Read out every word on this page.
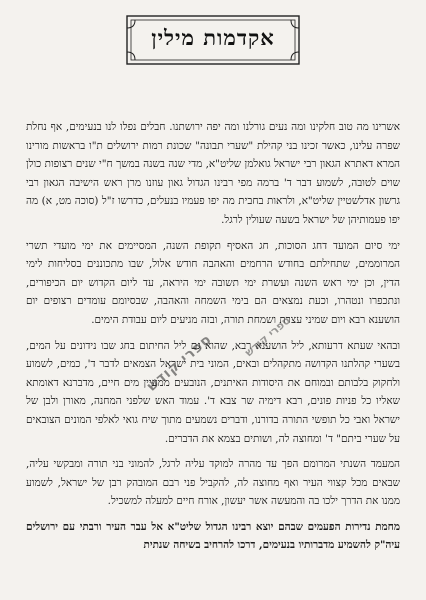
אקדמות מילין

אשרינו מה טוב חלקינו ומה נעים גורלנו ומה יפה ירושתנו. חבלים נפלו לנו בנעימים, אף נחלת שפרה עלינו, כאשר זכינו בני קהילת "שערי תבונה" שכונת רמות ירושלים ת"ו בראשות מורינו המרא דאתרא הגאון רבי ישראל גואלמן שליט"א, מדי שנה בשנה במשך ח"י שנים רצופות כולן שוים לטובה, לשמוע דבר ד' ברמה מפי רבינו הגדול גאון עוזנו מרן ראש הישיבה הגאון רבי גרשון אדלשטיין שליט"א, ולראות בחבית מה יפו פעמיו בנעלים, כדרשו ז"ל (סוכה מט, א) מה יפו פעמותיהן של ישראל בשעה שעולין לרגל.

ימי סיום המועד דחג הסוכות, חג האסיף תקופת השנה, המסיימים את ימי מועדי תשרי המרוממים, שתחילתם בחודש הרחמים והאהבה חודש אלול, שבו מתכוננים בסליחות לימי הדין, וכן ימי ראש השנה ועשרת ימי תשובה ימי היראה, עד ליום הקדוש יום הכיפורים, ונתכפרו ונטהרו, וכעת נמצאים הם בימי השמחה והאהבה, שבסיומם עומדים רצופים יום הושענא רבא ויום שמיני עצרת ושמחת תורה, ובזה מגיעים ליום עבודת הימים.

ובהאי שעתא דרעותא, ליל הושענא רבא, שהוא גם ליל החיתום בחג שבו נידונים על המים, בשערי קהלתנו הקדושה מתקהלים ובאים, המוני בית ישראל הצמאים לדבר ד', כמים, לשמוע ולחקוק בלבותם ובמוחם את היסודות האיתנים, הנובעים ממעיין מים חיים, מדברנא דאומתא שאליו כל פניות פונים, רבא דימיה שר צבא ד'. עמוד האש שלפני המחנה, מאורן ולבן של ישראל ואבי כל תופשי התורה בדורנו, ודברים נשמעים מתוך שיח גואי לאלפי המונים הצובאים על שערי ביתם" ד' ומחוצה לה, ושותים בצמא את הדברים.

המעמד השנתי המרומם הפך עד מהרה למוקד עליה לרגל, להמוני בני תורה ומבקשי עליה, שבאים מכל קצווי העיר ואף מחוצה לה, להקביל פני רבם המובהק רבן של ישראל, לשמוע ממנו את הדרך ילכו בה והמעשה אשר יעשון, אורח חיים למעלה למשכיל.

מחמת נדירות הפעמים שבהם יוצא רבינו הגדול שליט"א אל עבר העיר ורבתי עם ירושלים עיה"ק להשמיע מדברותיו בנעימים, דרכו להרחיב בשיחה שנתית

ספרי קודש ספרי קודש
